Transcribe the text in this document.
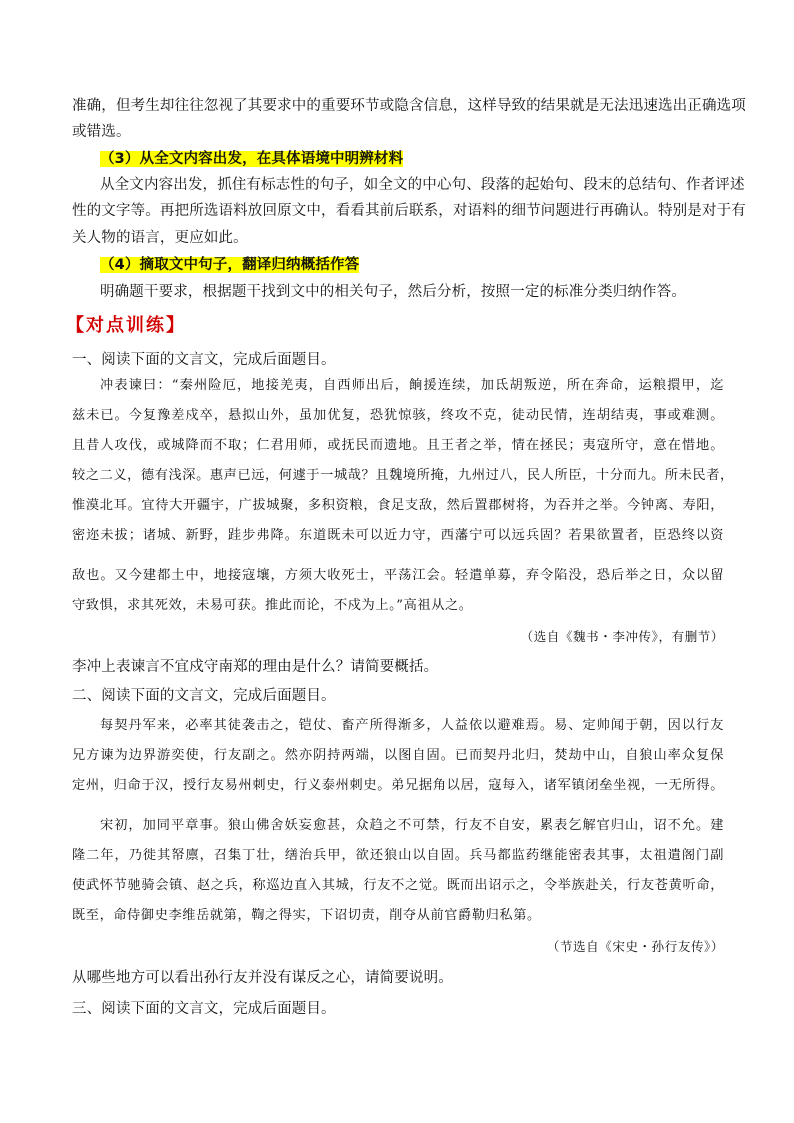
准确，但考生却往往忽视了其要求中的重要环节或隐含信息，这样导致的结果就是无法迅速选出正确选项
或错选。
（3）从全文内容出发，在具体语境中明辨材料
从全文内容出发，抓住有标志性的句子，如全文的中心句、段落的起始句、段末的总结句、作者评述
性的文字等。再把所选语料放回原文中，看看其前后联系，对语料的细节问题进行再确认。特别是对于有
关人物的语言，更应如此。
（4）摘取文中句子，翻译归纳概括作答
明确题干要求，根据题干找到文中的相关句子，然后分析，按照一定的标准分类归纳作答。
【对点训练】
一、阅读下面的文言文，完成后面题目。
冲表谏曰：“秦州险厄，地接羌夷，自西师出后，餉援连续，加氐胡叛逆，所在奔命，运粮擐甲，迄
兹未已。今复豫差戍卒，悬拟山外，虽加优复，恐犹惊骇，终攻不克，徒动民情，连胡结夷，事或难测。
且昔人攻伐，或城降而不取；仁君用师，或抚民而遗地。且王者之举，情在拯民；夷寇所守，意在惜地。
较之二义，德有浅深。惠声已远，何遽于一城哉？且魏境所掩，九州过八，民人所臣，十分而九。所未民者，
惟漠北耳。宜待大开疆宇，广拔城聚，多积资粮，食足支敌，然后置郡树将，为吞并之举。今钟离、寿阳，
密迩未拔；诸城、新野，跬步弗降。东道既未可以近力守，西藩宁可以远兵固？若果欲置者，臣恐终以资
敌也。又今建都土中，地接寇壤，方须大收死士，平荡江会。轻遣单募，弃令陷没，恐后举之日，众以留
守致惧，求其死效，未易可获。推此而论，不戍为上。”高祖从之。
（选自《魏书・李冲传》，有删节）
李冲上表谏言不宜戍守南郑的理由是什么？请简要概括。
二、阅读下面的文言文，完成后面题目。
每契丹军来，必率其徒袭击之，铠仗、畜产所得渐多，人益依以避难焉。易、定帅闻于朝，因以行友
兄方谏为边界游奕使，行友副之。然亦阴持两端，以图自固。已而契丹北归，焚劫中山，自狼山率众复保
定州，归命于汉，授行友易州刺史，行义泰州刺史。弟兄据角以居，寇每入，诸军镇闭垒坐视，一无所得。
宋初，加同平章事。狼山佛舍妖妄愈甚，众趋之不可禁，行友不自安，累表乞解官归山，诏不允。建
隆二年，乃徙其帑廪，召集丁壮，缮治兵甲，欲还狼山以自固。兵马都监药继能密表其事，太祖遣阁门副
使武怀节驰骑会镇、赵之兵，称巡边直入其城，行友不之觉。既而出诏示之，令举族赴关，行友苍黄听命，
既至，命侍御史李维岳就第，鞫之得实，下诏切责，削夺从前官爵勒归私第。
（节选自《宋史・孙行友传》）
从哪些地方可以看出孙行友并没有谋反之心，请简要说明。
三、阅读下面的文言文，完成后面题目。
